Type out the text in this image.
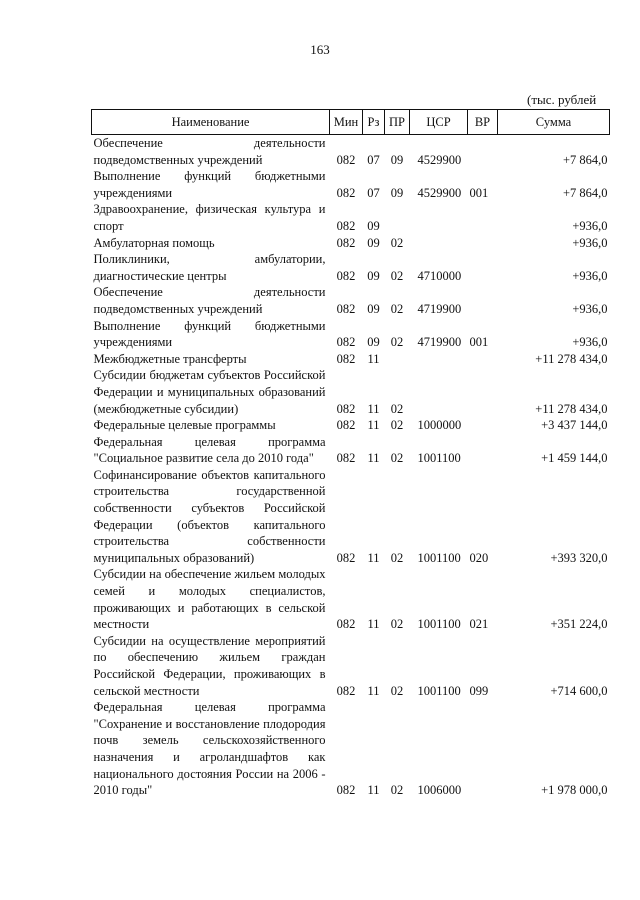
163
(тыс. рублей
Наименование	Мин	Рз	ПР	ЦСР	ВР	Сумма
Обеспечение деятельности подведомственных учреждений	082	07	09	4529900		+7 864,0
Выполнение функций бюджетными учреждениями	082	07	09	4529900	001	+7 864,0
Здравоохранение, физическая культура и спорт	082	09				+936,0
Амбулаторная помощь	082	09	02			+936,0
Поликлиники, амбулатории, диагностические центры	082	09	02	4710000		+936,0
Обеспечение деятельности подведомственных учреждений	082	09	02	4719900		+936,0
Выполнение функций бюджетными учреждениями	082	09	02	4719900	001	+936,0
Межбюджетные трансферты	082	11				+11 278 434,0
Субсидии бюджетам субъектов Российской Федерации и муниципальных образований (межбюджетные субсидии)	082	11	02			+11 278 434,0
Федеральные целевые программы	082	11	02	1000000		+3 437 144,0
Федеральная целевая программа "Социальное развитие села до 2010 года"	082	11	02	1001100		+1 459 144,0
Софинансирование объектов капитального строительства государственной собственности субъектов Российской Федерации (объектов капитального строительства собственности муниципальных образований)	082	11	02	1001100	020	+393 320,0
Субсидии на обеспечение жильем молодых семей и молодых специалистов, проживающих и работающих в сельской местности	082	11	02	1001100	021	+351 224,0
Субсидии на осуществление мероприятий по обеспечению жильем граждан Российской Федерации, проживающих в сельской местности	082	11	02	1001100	099	+714 600,0
Федеральная целевая программа "Сохранение и восстановление плодородия почв земель сельскохозяйственного назначения и агроландшафтов как национального достояния России на 2006 - 2010 годы"	082	11	02	1006000		+1 978 000,0
